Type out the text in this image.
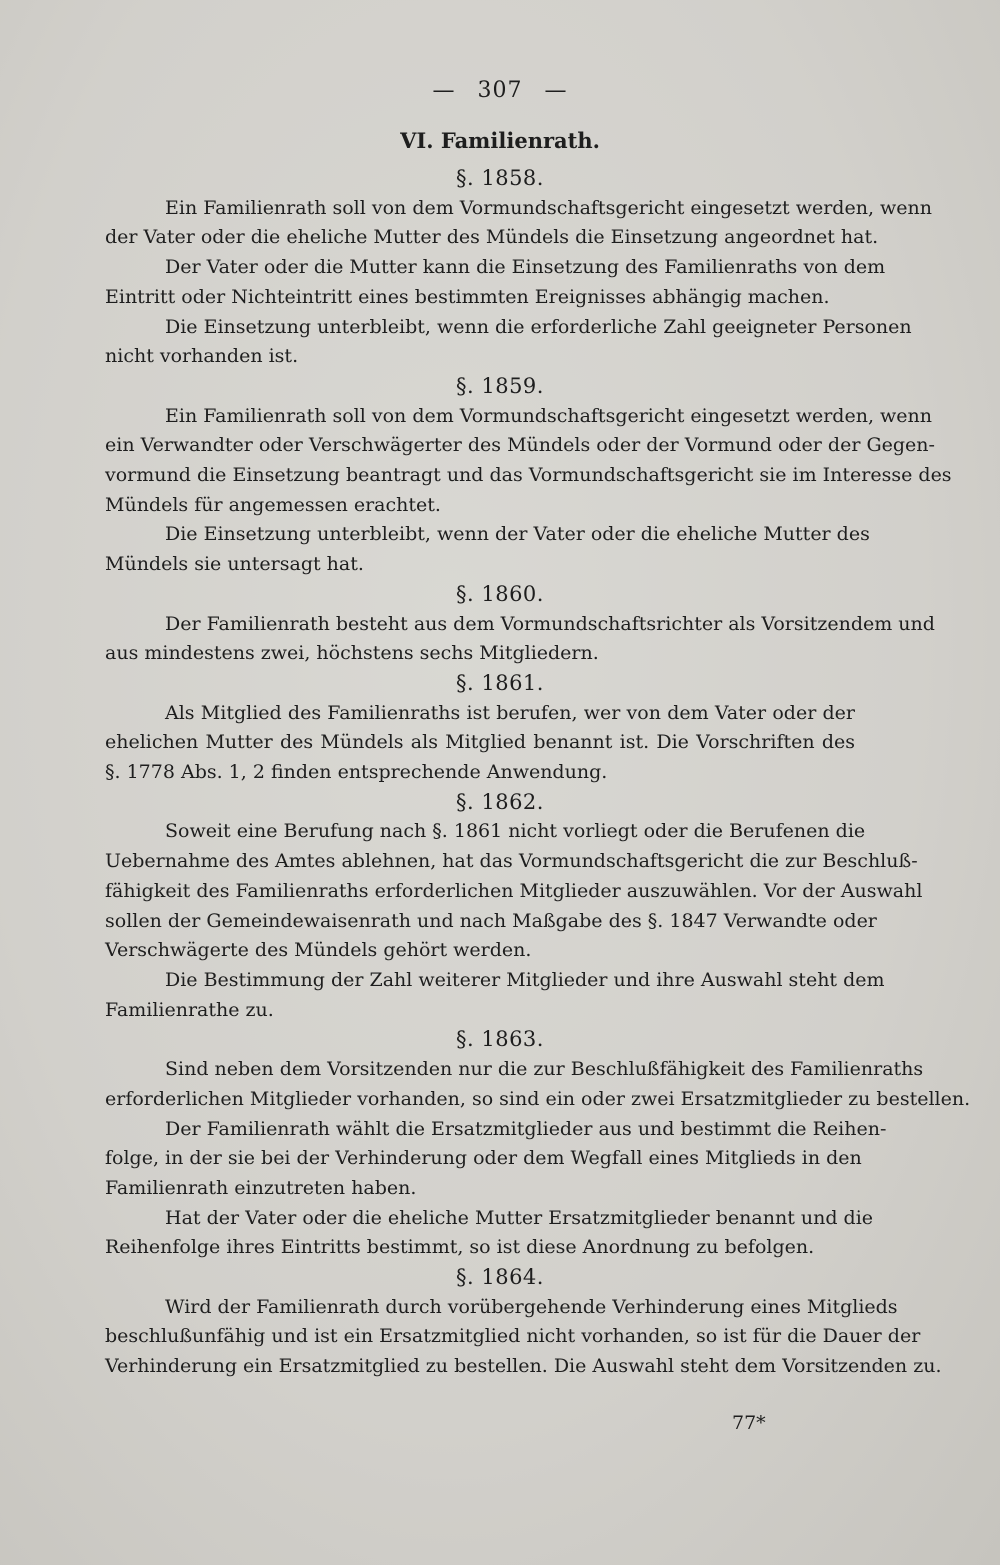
— 307 —
VI. Familienrath.
§. 1858.
Ein Familienrath soll von dem Vormundschaftsgericht eingesetzt werden, wenn
der Vater oder die eheliche Mutter des Mündels die Einsetzung angeordnet hat.
Der Vater oder die Mutter kann die Einsetzung des Familienraths von dem
Eintritt oder Nichteintritt eines bestimmten Ereignisses abhängig machen.
Die Einsetzung unterbleibt, wenn die erforderliche Zahl geeigneter Personen
nicht vorhanden ist.
§. 1859.
Ein Familienrath soll von dem Vormundschaftsgericht eingesetzt werden, wenn
ein Verwandter oder Verschwägerter des Mündels oder der Vormund oder der Gegen-
vormund die Einsetzung beantragt und das Vormundschaftsgericht sie im Interesse des
Mündels für angemessen erachtet.
Die Einsetzung unterbleibt, wenn der Vater oder die eheliche Mutter des
Mündels sie untersagt hat.
§. 1860.
Der Familienrath besteht aus dem Vormundschaftsrichter als Vorsitzendem und
aus mindestens zwei, höchstens sechs Mitgliedern.
§. 1861.
Als Mitglied des Familienraths ist berufen, wer von dem Vater oder der
ehelichen Mutter des Mündels als Mitglied benannt ist. Die Vorschriften des
§. 1778 Abs. 1, 2 finden entsprechende Anwendung.
§. 1862.
Soweit eine Berufung nach §. 1861 nicht vorliegt oder die Berufenen die
Uebernahme des Amtes ablehnen, hat das Vormundschaftsgericht die zur Beschluß-
fähigkeit des Familienraths erforderlichen Mitglieder auszuwählen. Vor der Auswahl
sollen der Gemeindewaisenrath und nach Maßgabe des §. 1847 Verwandte oder
Verschwägerte des Mündels gehört werden.
Die Bestimmung der Zahl weiterer Mitglieder und ihre Auswahl steht dem
Familienrathe zu.
§. 1863.
Sind neben dem Vorsitzenden nur die zur Beschlußfähigkeit des Familienraths
erforderlichen Mitglieder vorhanden, so sind ein oder zwei Ersatzmitglieder zu bestellen.
Der Familienrath wählt die Ersatzmitglieder aus und bestimmt die Reihen-
folge, in der sie bei der Verhinderung oder dem Wegfall eines Mitglieds in den
Familienrath einzutreten haben.
Hat der Vater oder die eheliche Mutter Ersatzmitglieder benannt und die
Reihenfolge ihres Eintritts bestimmt, so ist diese Anordnung zu befolgen.
§. 1864.
Wird der Familienrath durch vorübergehende Verhinderung eines Mitglieds
beschlußunfähig und ist ein Ersatzmitglied nicht vorhanden, so ist für die Dauer der
Verhinderung ein Ersatzmitglied zu bestellen. Die Auswahl steht dem Vorsitzenden zu.
77*
